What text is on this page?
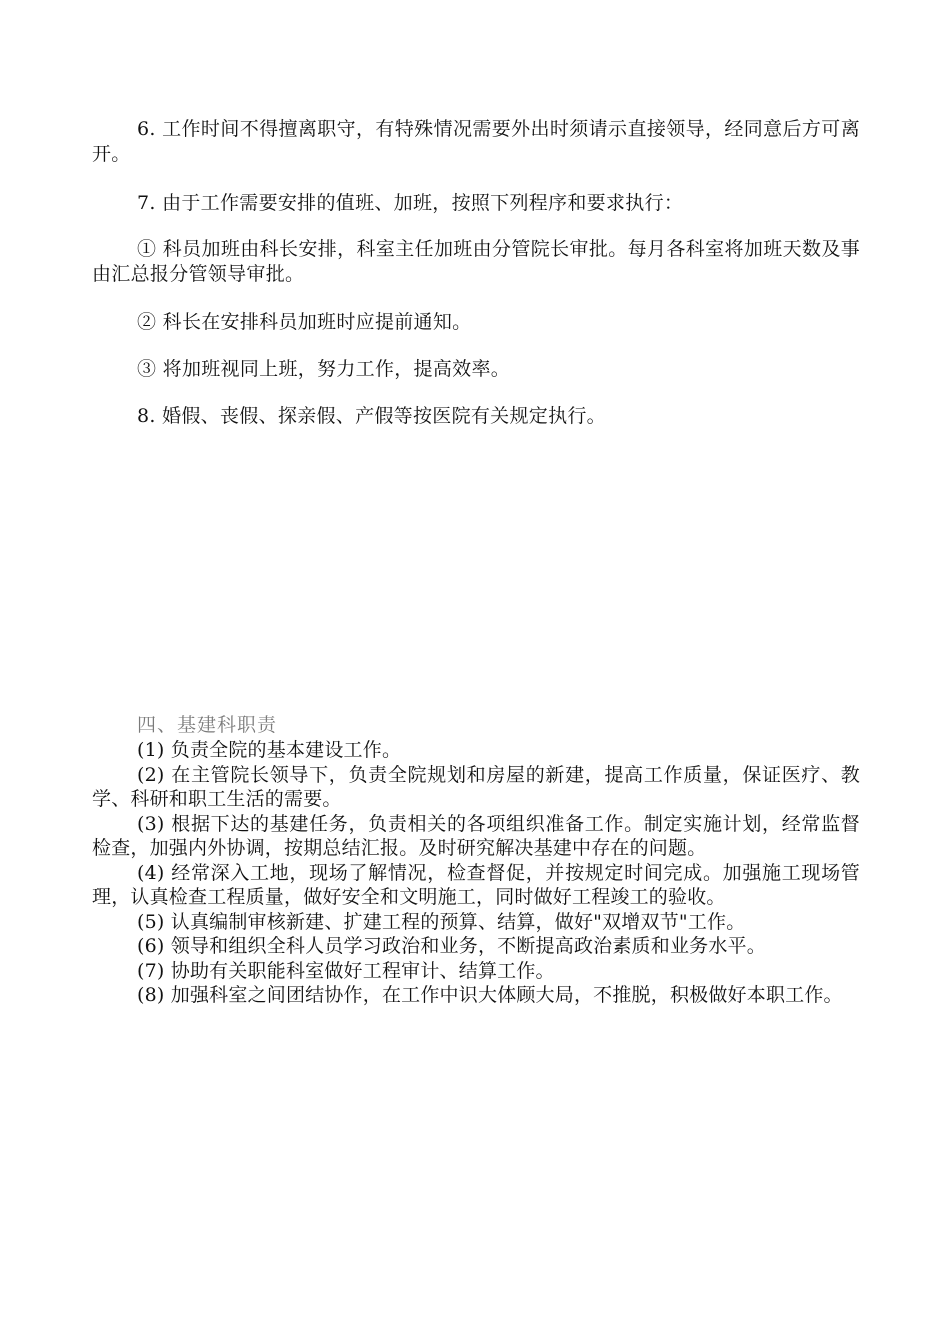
6. 工作时间不得擅离职守，有特殊情况需要外出时须请示直接领导，经同意后方可离开。

7. 由于工作需要安排的值班、加班，按照下列程序和要求执行：

① 科员加班由科长安排，科室主任加班由分管院长审批。每月各科室将加班天数及事由汇总报分管领导审批。

② 科长在安排科员加班时应提前通知。

③ 将加班视同上班，努力工作，提高效率。

8. 婚假、丧假、探亲假、产假等按医院有关规定执行。

四、基建科职责

(1) 负责全院的基本建设工作。

(2) 在主管院长领导下，负责全院规划和房屋的新建，提高工作质量，保证医疗、教学、科研和职工生活的需要。

(3) 根据下达的基建任务，负责相关的各项组织准备工作。制定实施计划，经常监督检查，加强内外协调，按期总结汇报。及时研究解决基建中存在的问题。

(4) 经常深入工地，现场了解情况，检查督促，并按规定时间完成。加强施工现场管理，认真检查工程质量，做好安全和文明施工，同时做好工程竣工的验收。

(5) 认真编制审核新建、扩建工程的预算、结算，做好"双增双节"工作。

(6) 领导和组织全科人员学习政治和业务，不断提高政治素质和业务水平。

(7) 协助有关职能科室做好工程审计、结算工作。

(8) 加强科室之间团结协作，在工作中识大体顾大局，不推脱，积极做好本职工作。
